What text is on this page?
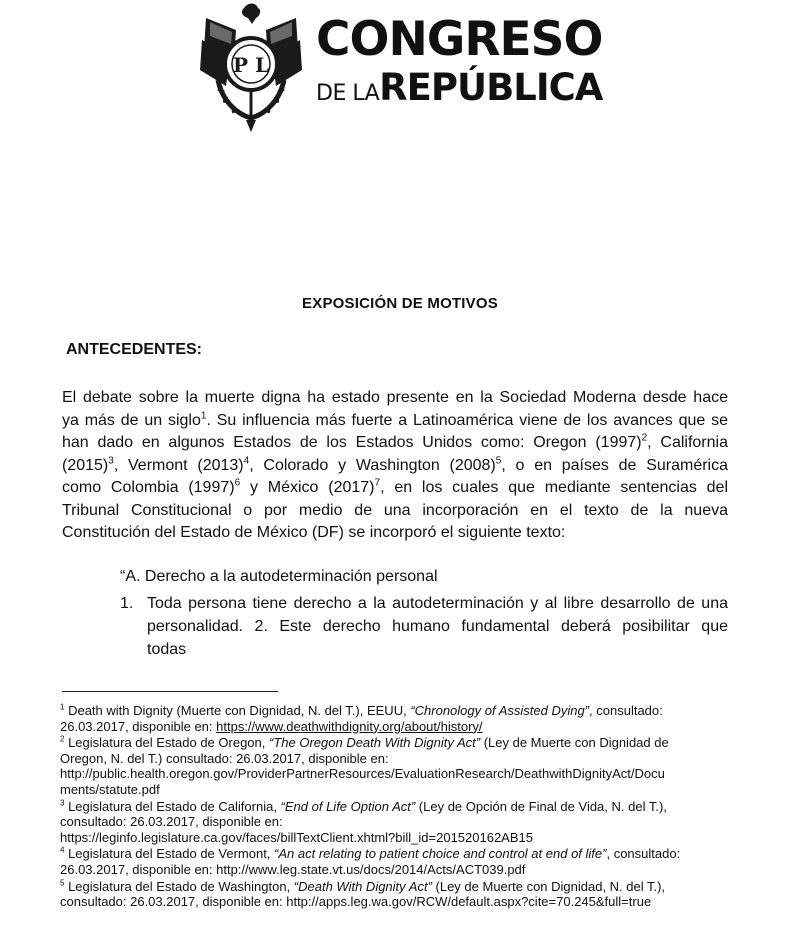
P L CONGRESO
DE LAREPÚBLICA
EXPOSICIÓN DE MOTIVOS
ANTECEDENTES:
El debate sobre la muerte digna ha estado presente en la Sociedad Moderna desde hace
ya más de un siglo$^1$. Su influencia más fuerte a Latinoamérica viene de los avances que se
han dado en algunos Estados de los Estados Unidos como: Oregon $(1997)^2$, California
$(2015)^3$, Vermont $(2013)^4$, Colorado y Washington $(2008)^5$, o en países de Suramérica
como Colombia $(1997)^6$ y México $(2017)^7$, en los cuales que mediante sentencias del
Tribunal Constitucional o por medio de una incorporación en el texto de la nueva
Constitución del Estado de México (DF) se incorporó el siguiente texto:
“A. Derecho a la autodeterminación personal
1. Toda persona tiene derecho a la autodeterminación y al libre desarrollo de una
personalidad. 2. Este derecho humano fundamental deberá posibilitar que
todas
$^1$ Death with Dignity (Muerte con Dignidad, N. del T.), EEUU, “Chronology of Assisted Dying”, consultado:
26.03.2017, disponible en: https://www.deathwithdignity.org/about/history/
$^2$ Legislatura del Estado de Oregon, “The Oregon Death With Dignity Act” (Ley de Muerte con Dignidad de
Oregon, N. del T.) consultado: 26.03.2017, disponible en:
http://public.health.oregon.gov/ProviderPartnerResources/EvaluationResearch/DeathwithDignityAct/Docu
ments/statute.pdf
$^3$ Legislatura del Estado de California, “End of Life Option Act” (Ley de Opción de Final de Vida, N. del T.),
consultado: 26.03.2017, disponible en:
https://leginfo.legislature.ca.gov/faces/billTextClient.xhtml?bill_id=201520162AB15
$^4$ Legislatura del Estado de Vermont, “An act relating to patient choice and control at end of life”, consultado:
26.03.2017, disponible en: http://www.leg.state.vt.us/docs/2014/Acts/ACT039.pdf
$^5$ Legislatura del Estado de Washington, “Death With Dignity Act” (Ley de Muerte con Dignidad, N. del T.),
consultado: 26.03.2017, disponible en: http://apps.leg.wa.gov/RCW/default.aspx?cite=70.245&full=true
